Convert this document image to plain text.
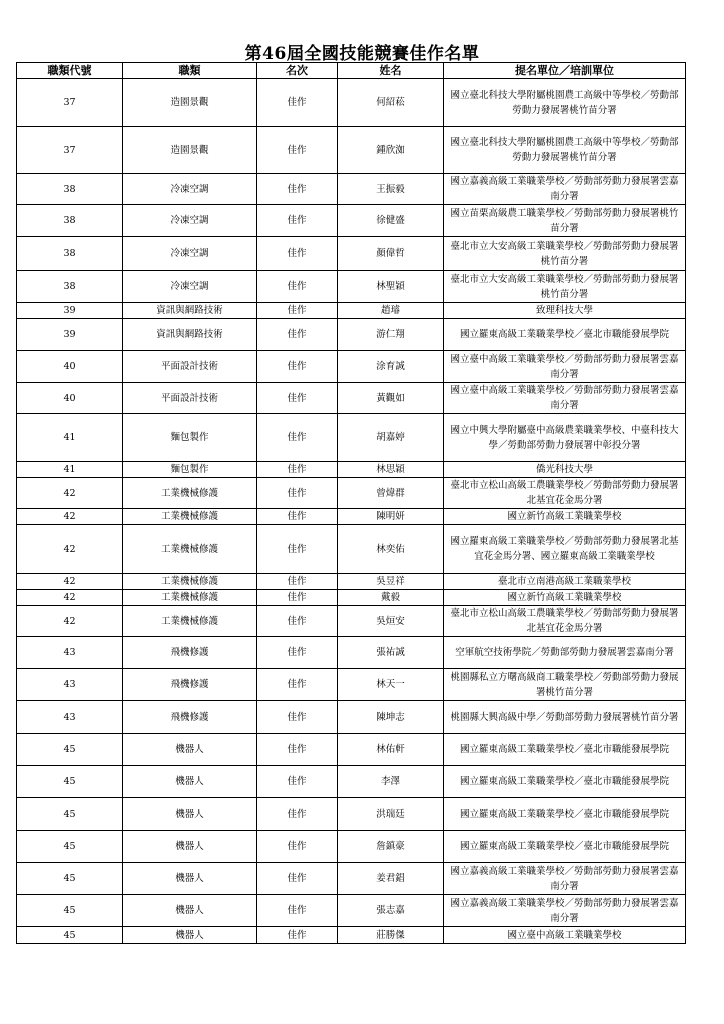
第46屆全國技能競賽佳作名單
職類代號	職類	名次	姓名	提名單位／培訓單位
37	造園景觀	佳作	何紹菘	國立臺北科技大學附屬桃園農工高級中等學校／勞動部勞動力發展署桃竹苗分署
37	造園景觀	佳作	鍾欣洳	國立臺北科技大學附屬桃園農工高級中等學校／勞動部勞動力發展署桃竹苗分署
38	冷凍空調	佳作	王振毅	國立嘉義高級工業職業學校／勞動部勞動力發展署雲嘉南分署
38	冷凍空調	佳作	徐健盛	國立苗栗高級農工職業學校／勞動部勞動力發展署桃竹苗分署
38	冷凍空調	佳作	顏偉哲	臺北市立大安高級工業職業學校／勞動部勞動力發展署桃竹苗分署
38	冷凍空調	佳作	林聖穎	臺北市立大安高級工業職業學校／勞動部勞動力發展署桃竹苗分署
39	資訊與網路技術	佳作	趙璿	致理科技大學
39	資訊與網路技術	佳作	游仁翔	國立羅東高級工業職業學校／臺北市職能發展學院
40	平面設計技術	佳作	涂育誠	國立臺中高級工業職業學校／勞動部勞動力發展署雲嘉南分署
40	平面設計技術	佳作	黃觀如	國立臺中高級工業職業學校／勞動部勞動力發展署雲嘉南分署
41	麵包製作	佳作	胡嘉婷	國立中興大學附屬臺中高級農業職業學校、中臺科技大學／勞動部勞動力發展署中彰投分署
41	麵包製作	佳作	林思穎	僑光科技大學
42	工業機械修護	佳作	曾煒群	臺北市立松山高級工農職業學校／勞動部勞動力發展署北基宜花金馬分署
42	工業機械修護	佳作	陳明妍	國立新竹高級工業職業學校
42	工業機械修護	佳作	林奕佑	國立羅東高級工業職業學校／勞動部勞動力發展署北基宜花金馬分署、國立羅東高級工業職業學校
42	工業機械修護	佳作	吳昱祥	臺北市立南港高級工業職業學校
42	工業機械修護	佳作	戴毅	國立新竹高級工業職業學校
42	工業機械修護	佳作	吳烜安	臺北市立松山高級工農職業學校／勞動部勞動力發展署北基宜花金馬分署
43	飛機修護	佳作	張祐誠	空軍航空技術學院／勞動部勞動力發展署雲嘉南分署
43	飛機修護	佳作	林天一	桃園縣私立方曙高級商工職業學校／勞動部勞動力發展署桃竹苗分署
43	飛機修護	佳作	陳坤志	桃園縣大興高級中學／勞動部勞動力發展署桃竹苗分署
45	機器人	佳作	林佑軒	國立羅東高級工業職業學校／臺北市職能發展學院
45	機器人	佳作	李澤	國立羅東高級工業職業學校／臺北市職能發展學院
45	機器人	佳作	洪瑞廷	國立羅東高級工業職業學校／臺北市職能發展學院
45	機器人	佳作	詹鎮豪	國立羅東高級工業職業學校／臺北市職能發展學院
45	機器人	佳作	姜君錩	國立嘉義高級工業職業學校／勞動部勞動力發展署雲嘉南分署
45	機器人	佳作	張志嘉	國立嘉義高級工業職業學校／勞動部勞動力發展署雲嘉南分署
45	機器人	佳作	莊勝傑	國立臺中高級工業職業學校
